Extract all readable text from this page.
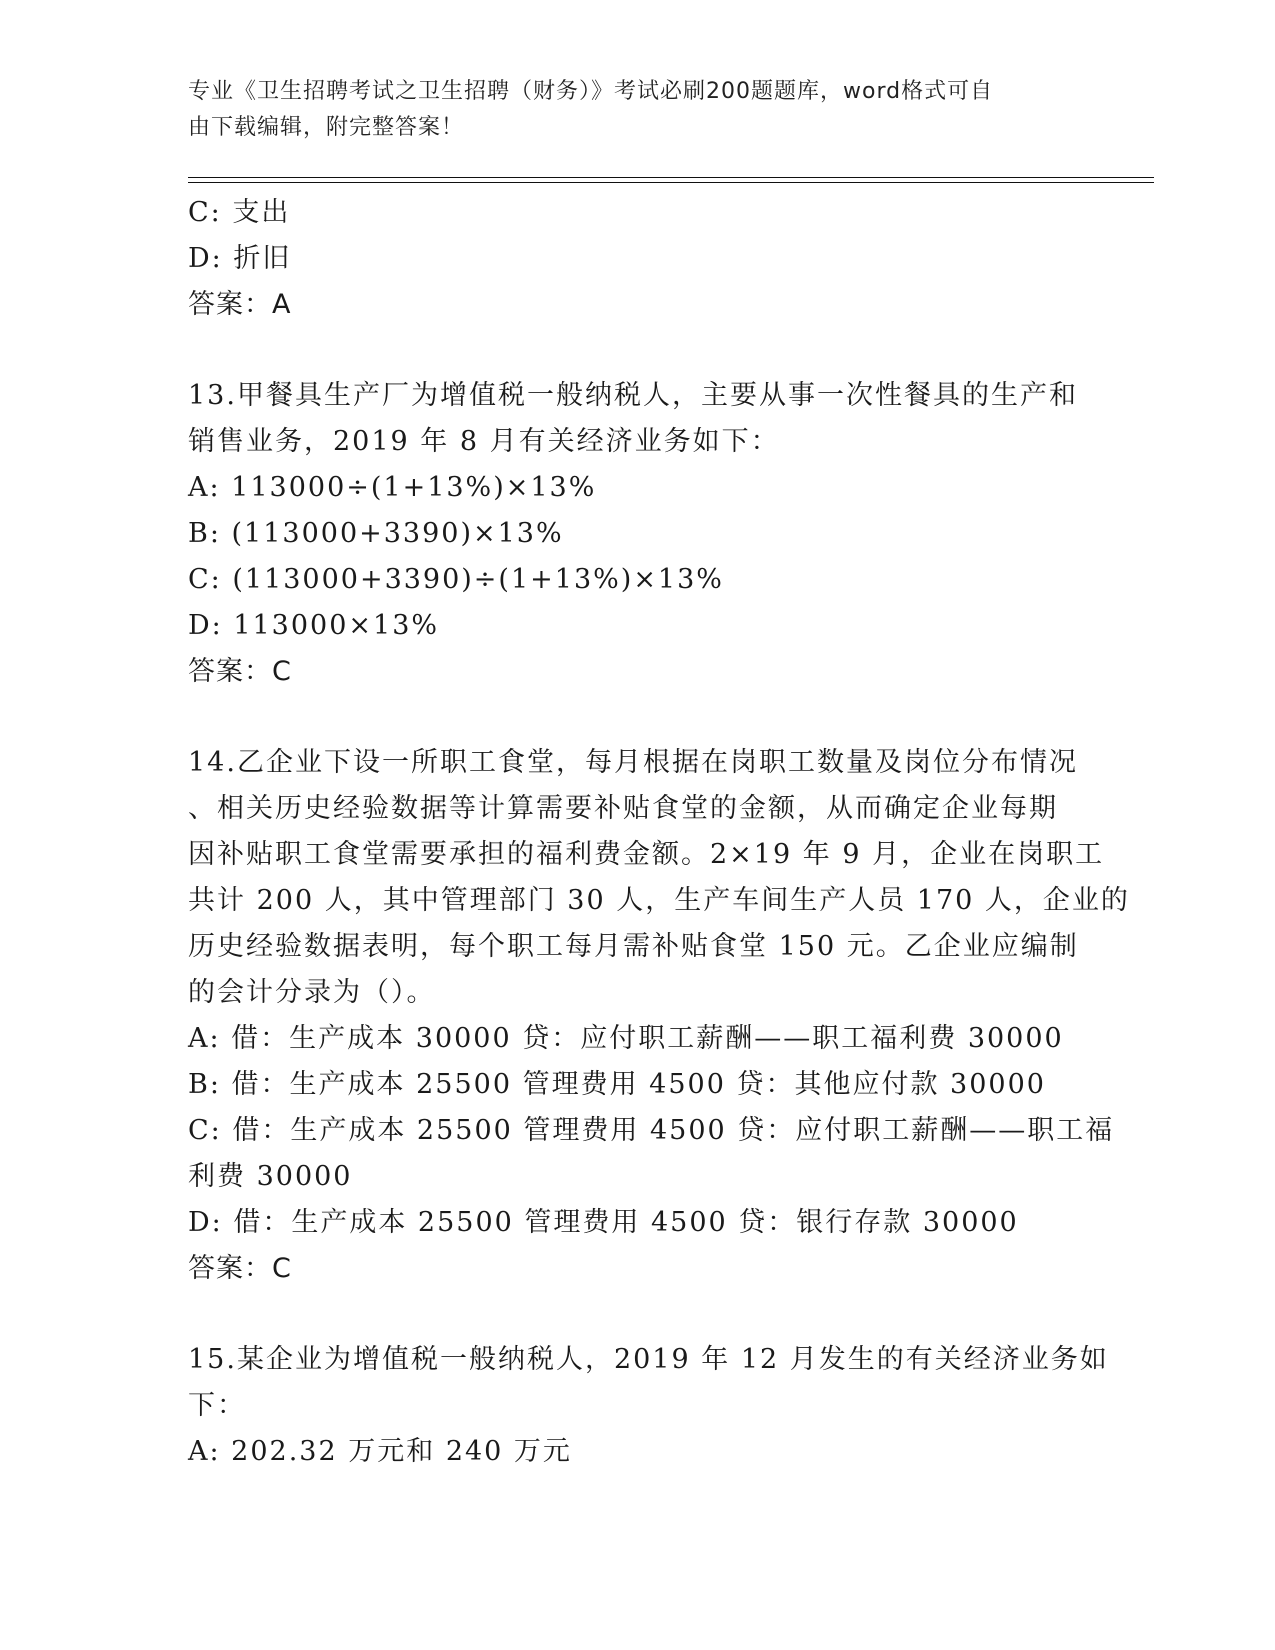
专业《卫生招聘考试之卫生招聘（财务）》考试必刷200题题库，word格式可自
由下载编辑，附完整答案！
C: 支出
D: 折旧
答案：A
13.甲餐具生产厂为增值税一般纳税人，主要从事一次性餐具的生产和
销售业务，2019 年 8 月有关经济业务如下：
A: 113000÷(1+13%)×13%
B: (113000+3390)×13%
C: (113000+3390)÷(1+13%)×13%
D: 113000×13%
答案：C
14.乙企业下设一所职工食堂，每月根据在岗职工数量及岗位分布情况
、相关历史经验数据等计算需要补贴食堂的金额，从而确定企业每期
因补贴职工食堂需要承担的福利费金额。2×19 年 9 月，企业在岗职工
共计 200 人，其中管理部门 30 人，生产车间生产人员 170 人，企业的
历史经验数据表明，每个职工每月需补贴食堂 150 元。乙企业应编制
的会计分录为（）。
A: 借：生产成本 30000 贷：应付职工薪酬——职工福利费 30000
B: 借：生产成本 25500 管理费用 4500 贷：其他应付款 30000
C: 借：生产成本 25500 管理费用 4500 贷：应付职工薪酬——职工福
利费 30000
D: 借：生产成本 25500 管理费用 4500 贷：银行存款 30000
答案：C
15.某企业为增值税一般纳税人，2019 年 12 月发生的有关经济业务如
下：
A: 202.32 万元和 240 万元
